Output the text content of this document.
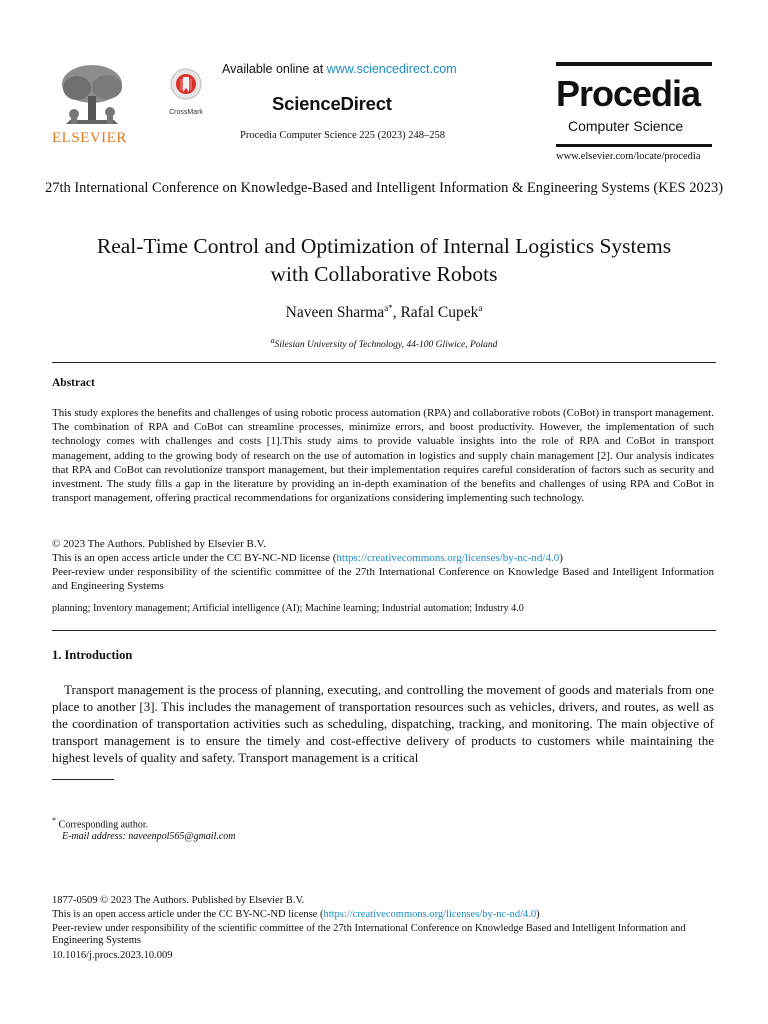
ELSEVIER
CrossMark
Available online at www.sciencedirect.com
ScienceDirect
Procedia Computer Science 225 (2023) 248–258
Procedia
Computer Science
www.elsevier.com/locate/procedia
27th International Conference on Knowledge-Based and Intelligent Information & Engineering Systems (KES 2023)
Real-Time Control and Optimization of Internal Logistics Systems
with Collaborative Robots
Naveen Sharma$^{a*}$, Rafal Cupek$^a$
$^a$Silesian University of Technology, 44-100 Gliwice, Poland
Abstract
This study explores the benefits and challenges of using robotic process automation (RPA) and collaborative robots (CoBot) in transport management. The combination of RPA and CoBot can streamline processes, minimize errors, and boost productivity. However, the implementation of such technology comes with challenges and costs [1].This study aims to provide valuable insights into the role of RPA and CoBot in transport management, adding to the growing body of research on the use of automation in logistics and supply chain management [2]. Our analysis indicates that RPA and CoBot can revolutionize transport management, but their implementation requires careful consideration of factors such as security and investment. The study fills a gap in the literature by providing an in-depth examination of the benefits and challenges of using RPA and CoBot in transport management, offering practical recommendations for organizations considering implementing such technology.
© 2023 The Authors. Published by Elsevier B.V.
This is an open access article under the CC BY-NC-ND license (https://creativecommons.org/licenses/by-nc-nd/4.0)
Peer-review under responsibility of the scientific committee of the 27th International Conference on Knowledge Based and Intelligent Information and Engineering Systems
planning; Inventory management; Artificial intelligence (AI); Machine learning; Industrial automation; Industry 4.0
1. Introduction
Transport management is the process of planning, executing, and controlling the movement of goods and materials from one place to another [3]. This includes the management of transportation resources such as vehicles, drivers, and routes, as well as the coordination of transportation activities such as scheduling, dispatching, tracking, and monitoring. The main objective of transport management is to ensure the timely and cost-effective delivery of products to customers while maintaining the highest levels of quality and safety. Transport management is a critical
* Corresponding author.
E-mail address: naveenpol565@gmail.com
1877-0509 © 2023 The Authors. Published by Elsevier B.V.
This is an open access article under the CC BY-NC-ND license (https://creativecommons.org/licenses/by-nc-nd/4.0)
Peer-review under responsibility of the scientific committee of the 27th International Conference on Knowledge Based and Intelligent Information and Engineering Systems
10.1016/j.procs.2023.10.009
